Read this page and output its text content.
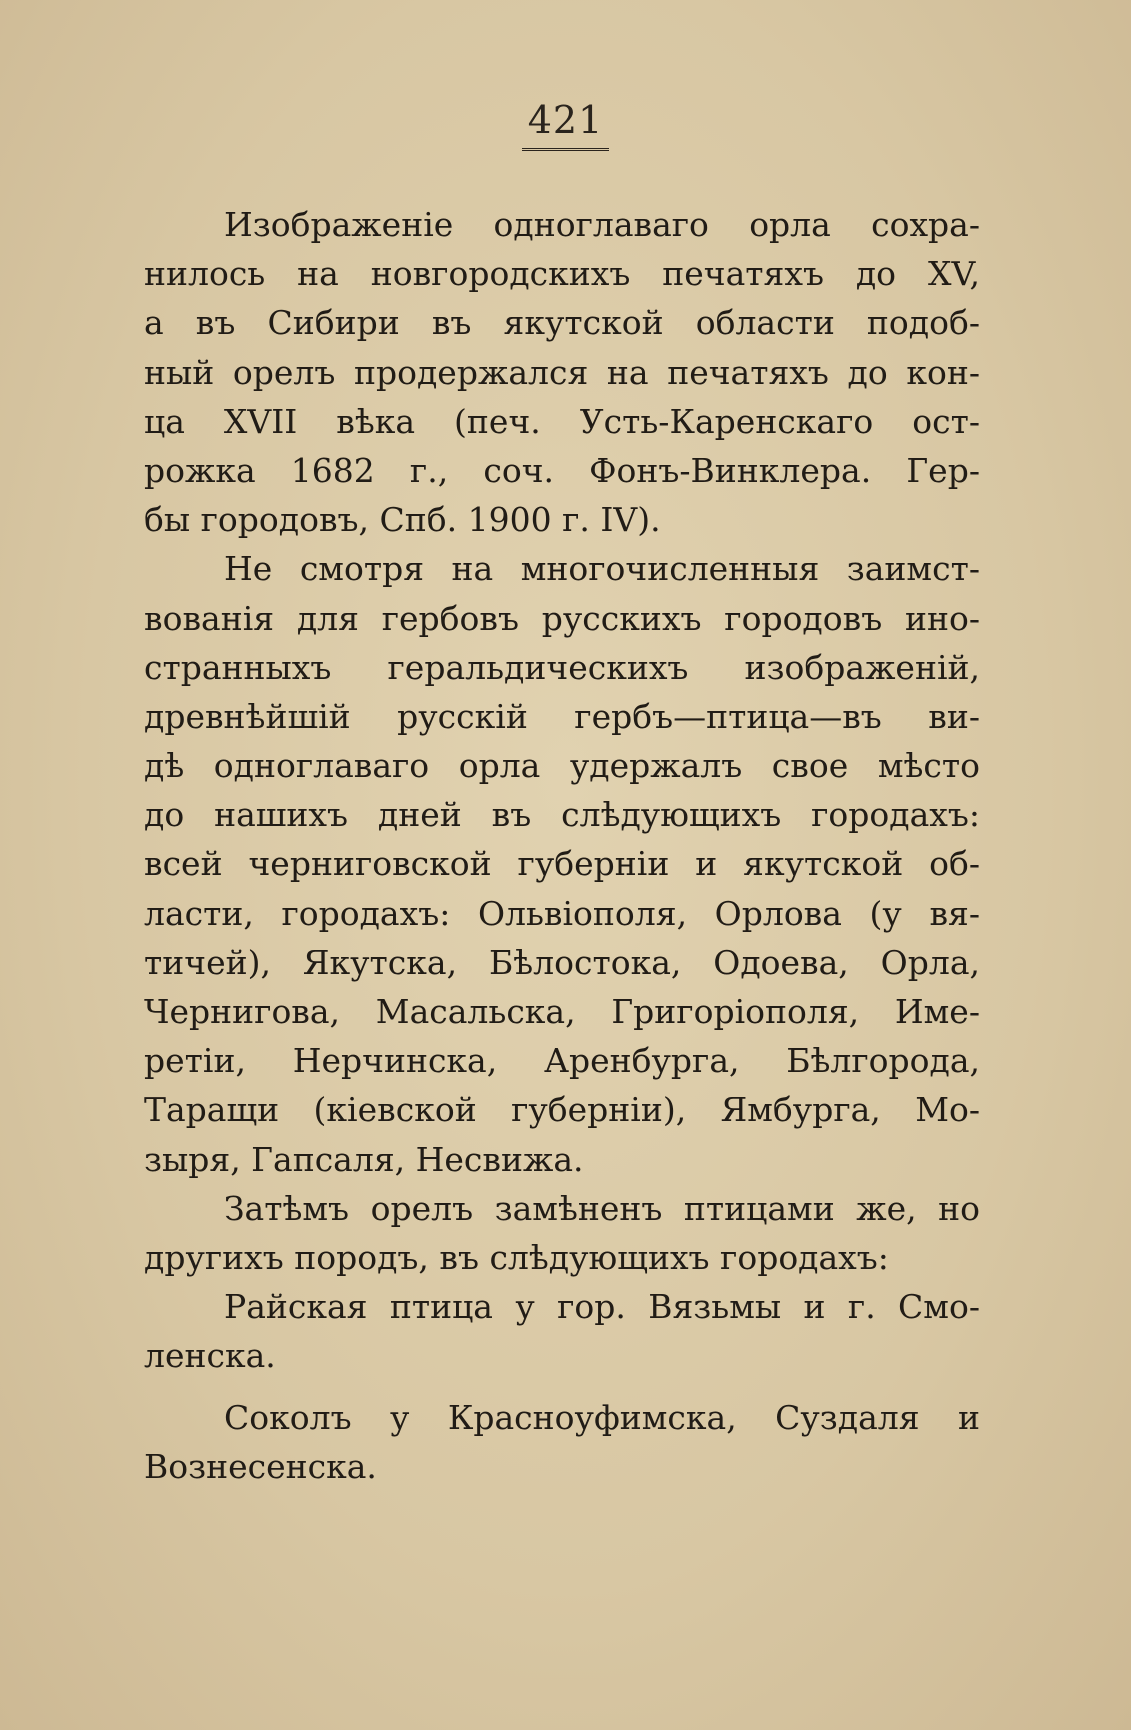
421
Изображеніе одноглаваго орла сохра-
нилось на новгородскихъ печатяхъ до XV,
а въ Сибири въ якутской области подоб-
ный орелъ продержался на печатяхъ до кон-
ца XVII вѣка (печ. Усть-Каренскаго ост-
рожка 1682 г., соч. Фонъ-Винклера. Гер-
бы городовъ, Спб. 1900 г. IV).
Не смотря на многочисленныя заимст-
вованія для гербовъ русскихъ городовъ ино-
странныхъ геральдическихъ изображеній,
древнѣйшій русскій гербъ—птица—въ ви-
дѣ одноглаваго орла удержалъ свое мѣсто
до нашихъ дней въ слѣдующихъ городахъ:
всей черниговской губерніи и якутской об-
ласти, городахъ: Ольвіополя, Орлова (у вя-
тичей), Якутска, Бѣлостока, Одоева, Орла,
Чернигова, Масальска, Григоріополя, Име-
ретіи, Нерчинска, Аренбурга, Бѣлгорода,
Таращи (кіевской губерніи), Ямбурга, Мо-
зыря, Гапсаля, Несвижа.
Затѣмъ орелъ замѣненъ птицами же, но
другихъ породъ, въ слѣдующихъ городахъ:
Райская птица у гор. Вязьмы и г. Смо-
ленска.
Соколъ у Красноуфимска, Суздаля и
Вознесенска.
